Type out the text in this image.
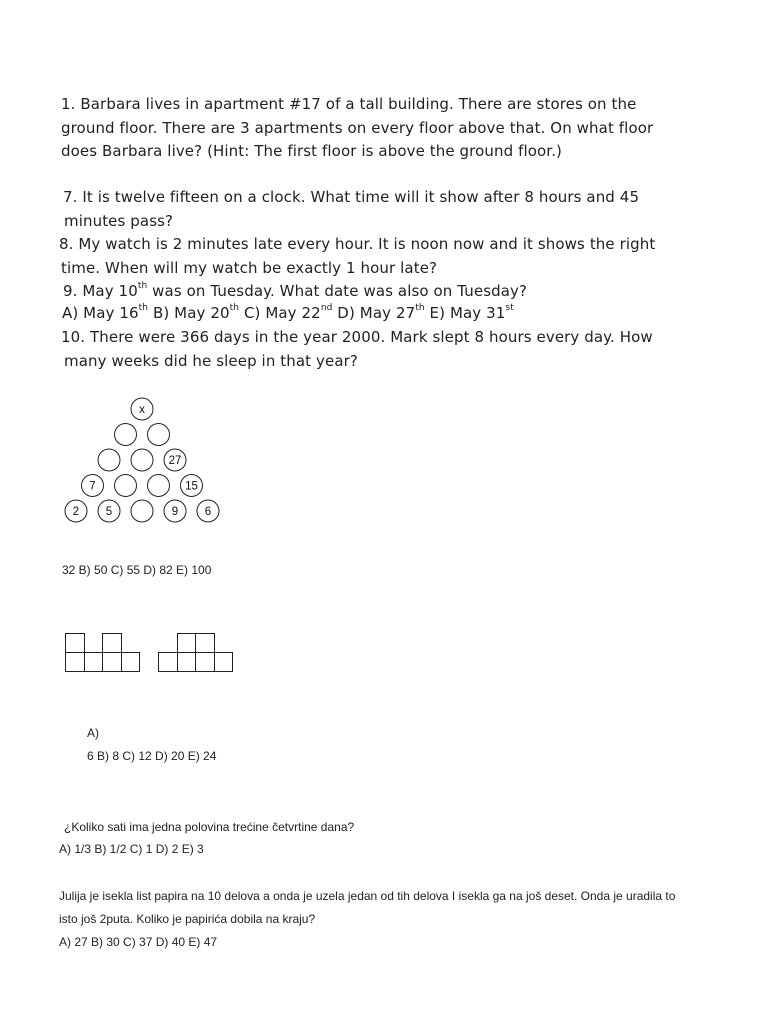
1. Barbara lives in apartment #17 of a tall building. There are stores on the
ground floor. There are 3 apartments on every floor above that. On what floor
does Barbara live? (Hint: The first floor is above the ground floor.)
7. It is twelve fifteen on a clock. What time will it show after 8 hours and 45
minutes pass?
8. My watch is 2 minutes late every hour. It is noon now and it shows the right
time. When will my watch be exactly 1 hour late?
9. May 10th was on Tuesday. What date was also on Tuesday?
A) May 16th B) May 20th C) May 22nd D) May 27th E) May 31st
10. There were 366 days in the year 2000. Mark slept 8 hours every day. How
many weeks did he sleep in that year?
x
27
7	15
2 5	9 6
32 B) 50 C) 55 D) 82 E) 100
A)
6 B) 8 C) 12 D) 20 E) 24
¿Koliko sati ima jedna polovina trećine četvrtine dana?
A) 1/3 B) 1/2 C) 1 D) 2 E) 3
Julija je isekla list papira na 10 delova a onda je uzela jedan od tih delova I isekla ga na još deset. Onda je uradila to
isto još 2puta. Koliko je papirića dobila na kraju?
A) 27 B) 30 C) 37 D) 40 E) 47
